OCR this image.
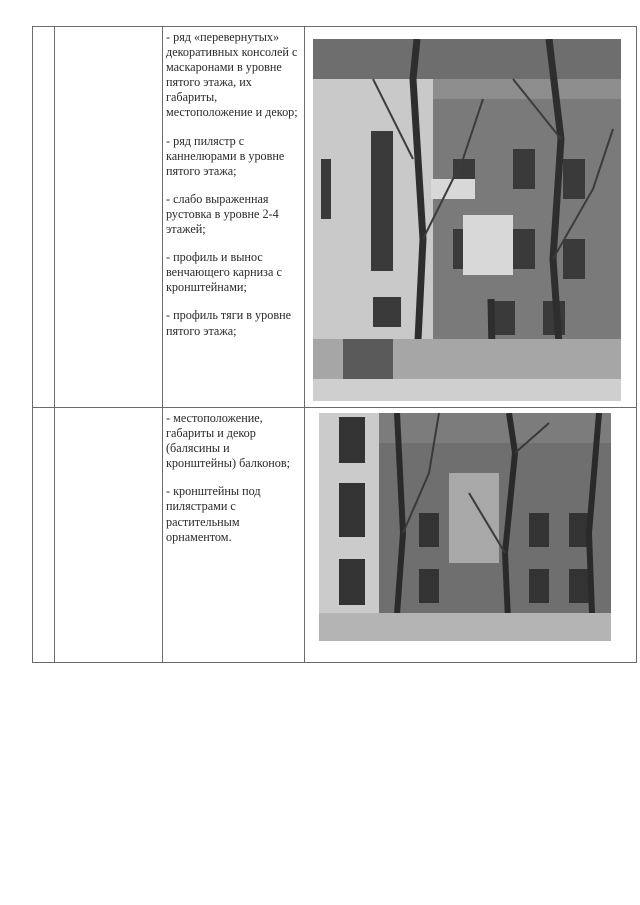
		- ряд «перевернутых» декоративных консолей с маскаронами в уровне пятого этажа, их габариты, местоположение и декор;

- ряд пилястр с каннелюрами в уровне пятого этажа;

- слабо выраженная рустовка в уровне 2-4 этажей;

- профиль и вынос венчающего карниза с кронштейнами;

- профиль тяги в уровне пятого этажа;

		- местоположение, габариты и декор (балясины и кронштейны) балконов;

- кронштейны под пилястрами с растительным орнаментом.
